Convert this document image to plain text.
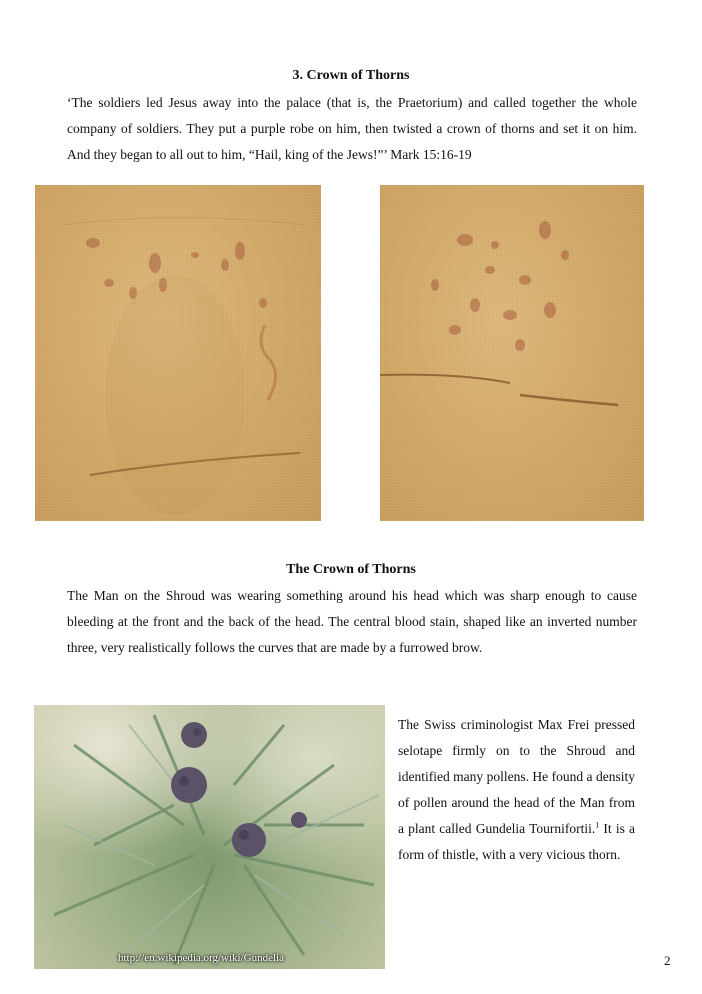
3. Crown of Thorns
‘The soldiers led Jesus away into the palace (that is, the Praetorium) and called together the whole company of soldiers. They put a purple robe on him, then twisted a crown of thorns and set it on him. And they began to all out to him, “Hail, king of the Jews!”’ Mark 15:16-19
The Crown of Thorns
The Man on the Shroud was wearing something around his head which was sharp enough to cause bleeding at the front and the back of the head. The central blood stain, shaped like an inverted number three, very realistically follows the curves that are made by a furrowed brow.
http://en.wikipedia.org/wiki/Gundelia
The Swiss criminologist Max Frei pressed selotape firmly on to the Shroud and identified many pollens. He found a density of pollen around the head of the Man from a plant called Gundelia Tournifortii.$^1$ It is a form of thistle, with a very vicious thorn.
2
